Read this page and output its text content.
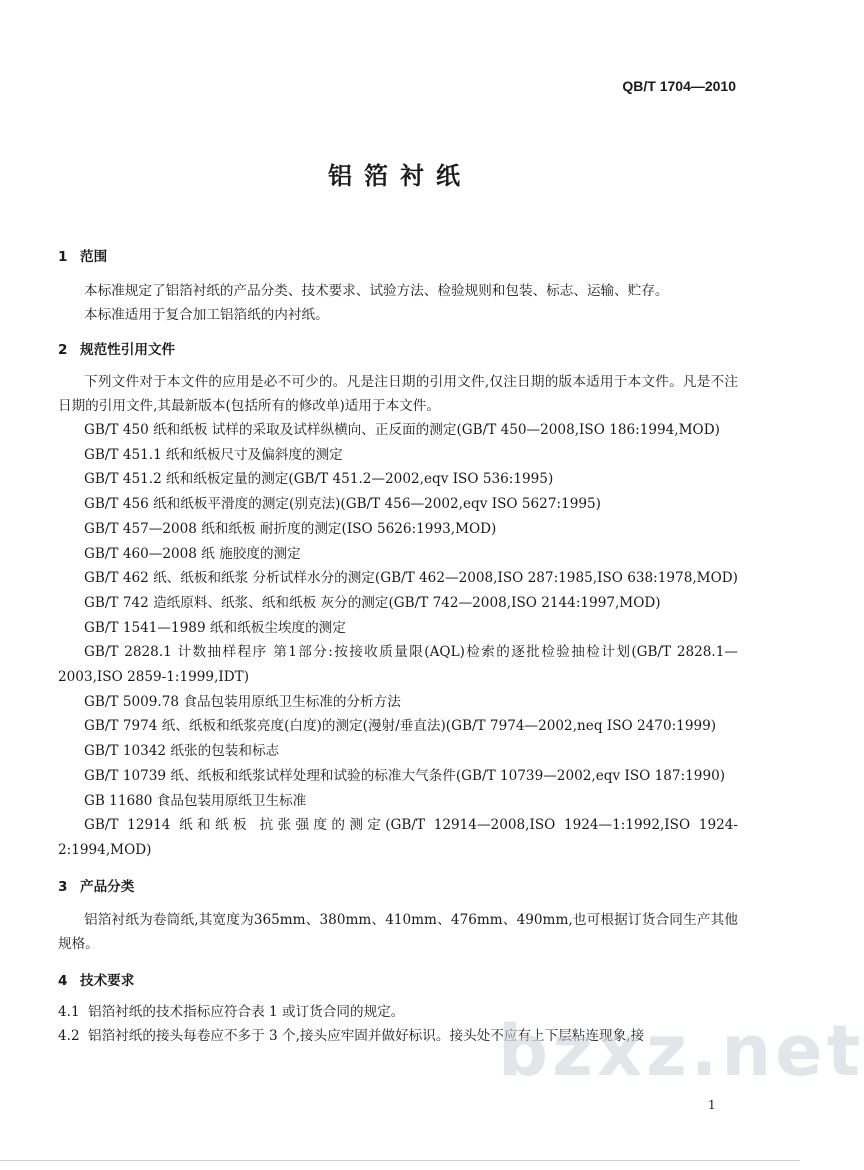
QB/T 1704—2010
铝箔衬纸
1 范围
本标准规定了铝箔衬纸的产品分类、技术要求、试验方法、检验规则和包装、标志、运输、贮存。
本标准适用于复合加工铝箔纸的内衬纸。
2 规范性引用文件
下列文件对于本文件的应用是必不可少的。凡是注日期的引用文件,仅注日期的版本适用于本文件。凡是不注日期的引用文件,其最新版本(包括所有的修改单)适用于本文件。
GB/T 450 纸和纸板 试样的采取及试样纵横向、正反面的测定(GB/T 450—2008,ISO 186:1994,MOD)
GB/T 451.1 纸和纸板尺寸及偏斜度的测定
GB/T 451.2 纸和纸板定量的测定(GB/T 451.2—2002,eqv ISO 536:1995)
GB/T 456 纸和纸板平滑度的测定(别克法)(GB/T 456—2002,eqv ISO 5627:1995)
GB/T 457—2008 纸和纸板 耐折度的测定(ISO 5626:1993,MOD)
GB/T 460—2008 纸 施胶度的测定
GB/T 462 纸、纸板和纸浆 分析试样水分的测定(GB/T 462—2008,ISO 287:1985,ISO 638:1978,MOD)
GB/T 742 造纸原料、纸浆、纸和纸板 灰分的测定(GB/T 742—2008,ISO 2144:1997,MOD)
GB/T 1541—1989 纸和纸板尘埃度的测定
GB/T 2828.1 计数抽样程序 第1部分:按接收质量限(AQL)检索的逐批检验抽检计划(GB/T 2828.1—2003,ISO 2859-1:1999,IDT)
GB/T 5009.78 食品包装用原纸卫生标准的分析方法
GB/T 7974 纸、纸板和纸浆亮度(白度)的测定(漫射/垂直法)(GB/T 7974—2002,neq ISO 2470:1999)
GB/T 10342 纸张的包装和标志
GB/T 10739 纸、纸板和纸浆试样处理和试验的标准大气条件(GB/T 10739—2002,eqv ISO 187:1990)
GB 11680 食品包装用原纸卫生标准
GB/T 12914 纸和纸板 抗张强度的测定(GB/T 12914—2008,ISO 1924—1:1992,ISO 1924-2:1994,MOD)
3 产品分类
铝箔衬纸为卷筒纸,其宽度为365mm、380mm、410mm、476mm、490mm,也可根据订货合同生产其他规格。
4 技术要求
4.1 铝箔衬纸的技术指标应符合表 1 或订货合同的规定。
4.2 铝箔衬纸的接头每卷应不多于 3 个,接头应牢固并做好标识。接头处不应有上下层粘连现象,接
bzxz.net
1
